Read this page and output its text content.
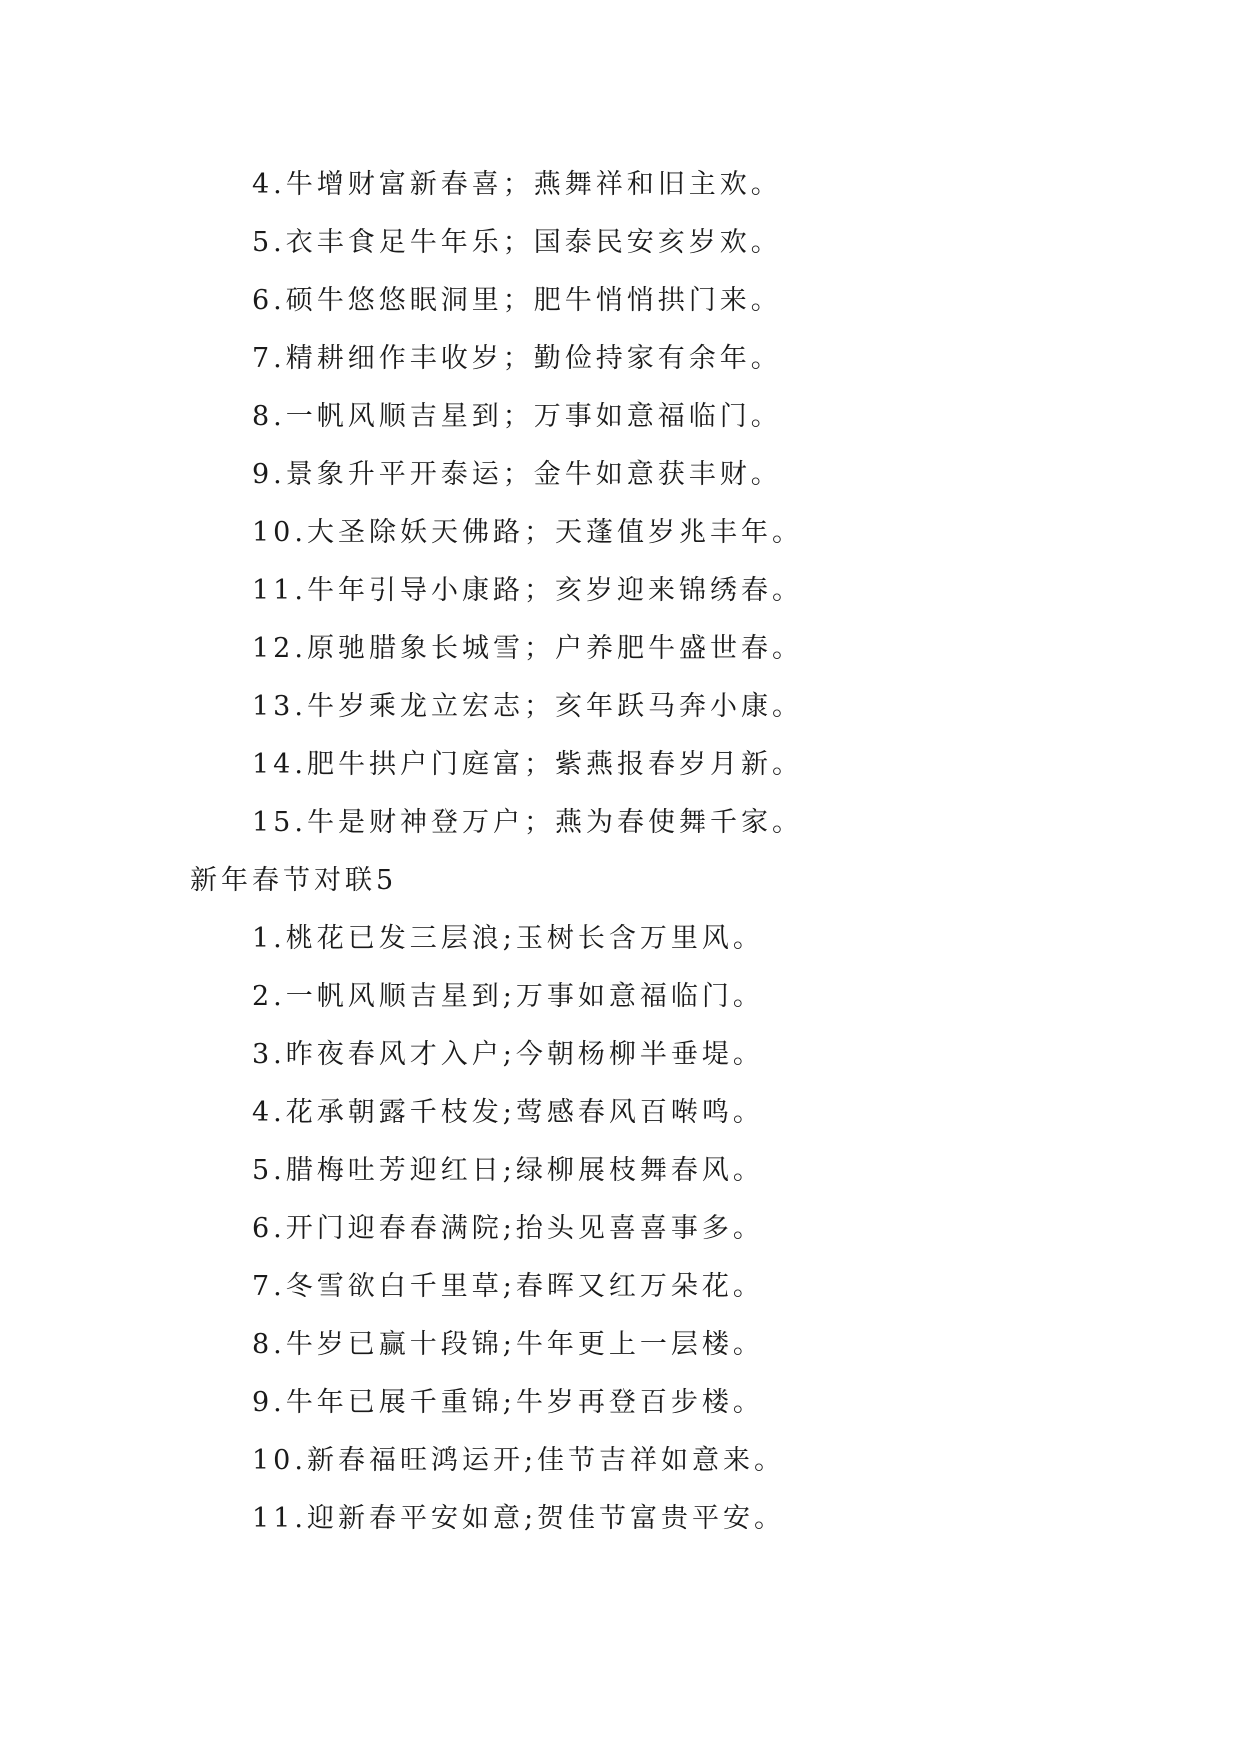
4.牛增财富新春喜；燕舞祥和旧主欢。
5.衣丰食足牛年乐；国泰民安亥岁欢。
6.硕牛悠悠眠洞里；肥牛悄悄拱门来。
7.精耕细作丰收岁；勤俭持家有余年。
8.一帆风顺吉星到；万事如意福临门。
9.景象升平开泰运；金牛如意获丰财。
10.大圣除妖天佛路；天蓬值岁兆丰年。
11.牛年引导小康路；亥岁迎来锦绣春。
12.原驰腊象长城雪；户养肥牛盛世春。
13.牛岁乘龙立宏志；亥年跃马奔小康。
14.肥牛拱户门庭富；紫燕报春岁月新。
15.牛是财神登万户；燕为春使舞千家。
新年春节对联5
1.桃花已发三层浪;玉树长含万里风。
2.一帆风顺吉星到;万事如意福临门。
3.昨夜春风才入户;今朝杨柳半垂堤。
4.花承朝露千枝发;莺感春风百啭鸣。
5.腊梅吐芳迎红日;绿柳展枝舞春风。
6.开门迎春春满院;抬头见喜喜事多。
7.冬雪欲白千里草;春晖又红万朵花。
8.牛岁已赢十段锦;牛年更上一层楼。
9.牛年已展千重锦;牛岁再登百步楼。
10.新春福旺鸿运开;佳节吉祥如意来。
11.迎新春平安如意;贺佳节富贵平安。
